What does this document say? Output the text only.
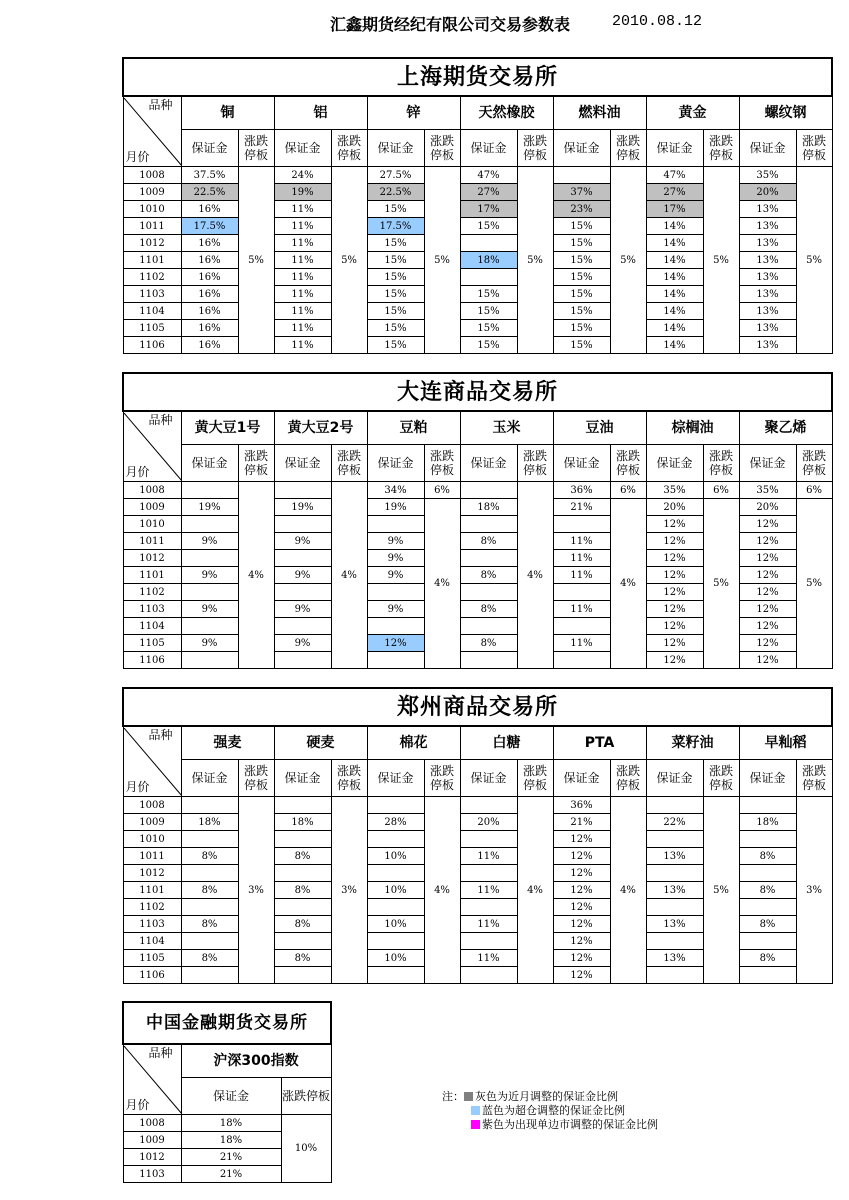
汇鑫期货经纪有限公司交易参数表	2010.08.12
上海期货交易所														

品种
月价	铜		铝		锌		天然橡胶		燃料油		黄金		螺纹钢	
	保证金	涨跌停板	保证金	涨跌停板	保证金	涨跌停板	保证金	涨跌停板	保证金	涨跌停板	保证金	涨跌停板	保证金	涨跌停板
1008	37.5%	5%	24%	5%	27.5%	5%	47%	5%		5%	47%	5%	35%	5%
1009	22.5%		19%		22.5%		27%		37%		27%		20%	
1010	16%		11%		15%		17%		23%		17%		13%	
1011	17.5%		11%		17.5%		15%		15%		14%		13%	
1012	16%		11%		15%				15%		14%		13%	
1101	16%		11%		15%		18%		15%		14%		13%	
1102	16%		11%		15%				15%		14%		13%	
1103	16%		11%		15%		15%		15%		14%		13%	
1104	16%		11%		15%		15%		15%		14%		13%	
1105	16%		11%		15%		15%		15%		14%		13%	
1106	16%		11%		15%		15%		15%		14%		13%	
大连商品交易所														

品种
月价	黄大豆1号		黄大豆2号		豆粕		玉米		豆油		棕榈油		聚乙烯	
	保证金	涨跌停板	保证金	涨跌停板	保证金	涨跌停板	保证金	涨跌停板	保证金	涨跌停板	保证金	涨跌停板	保证金	涨跌停板
1008		4%		4%	34%	6%		4%	36%	6%	35%	6%	35%	6%
1009	19%		19%		19%	4%	18%		21%	4%	20%	5%	20%	5%
1010											12%		12%	
1011	9%		9%		9%		8%		11%		12%		12%	
1012					9%				11%		12%		12%	
1101	9%		9%		9%		8%		11%		12%		12%	
1102											12%		12%	
1103	9%		9%		9%		8%		11%		12%		12%	
1104											12%		12%	
1105	9%		9%		12%		8%		11%		12%		12%	
1106											12%		12%	
郑州商品交易所														

品种
月价	强麦		硬麦		棉花		白糖		PTA		菜籽油		早籼稻	
	保证金	涨跌停板	保证金	涨跌停板	保证金	涨跌停板	保证金	涨跌停板	保证金	涨跌停板	保证金	涨跌停板	保证金	涨跌停板
1008		3%		3%		4%		4%	36%	4%		5%		3%
1009	18%		18%		28%		20%		21%		22%		18%	
1010									12%					
1011	8%		8%		10%		11%		12%		13%		8%	
1012									12%					
1101	8%		8%		10%		11%		12%		13%		8%	
1102									12%					
1103	8%		8%		10%		11%		12%		13%		8%	
1104									12%					
1105	8%		8%		10%		11%		12%		13%		8%	
1106									12%					
中国金融期货交易所		

品种
月价	沪深300指数	
	保证金	涨跌停板
1008	18%	10%
1009	18%	
1012	21%	
1103	21%	
注： 灰色为近月调整的保证金比例
蓝色为超仓调整的保证金比例
紫色为出现单边市调整的保证金比例
